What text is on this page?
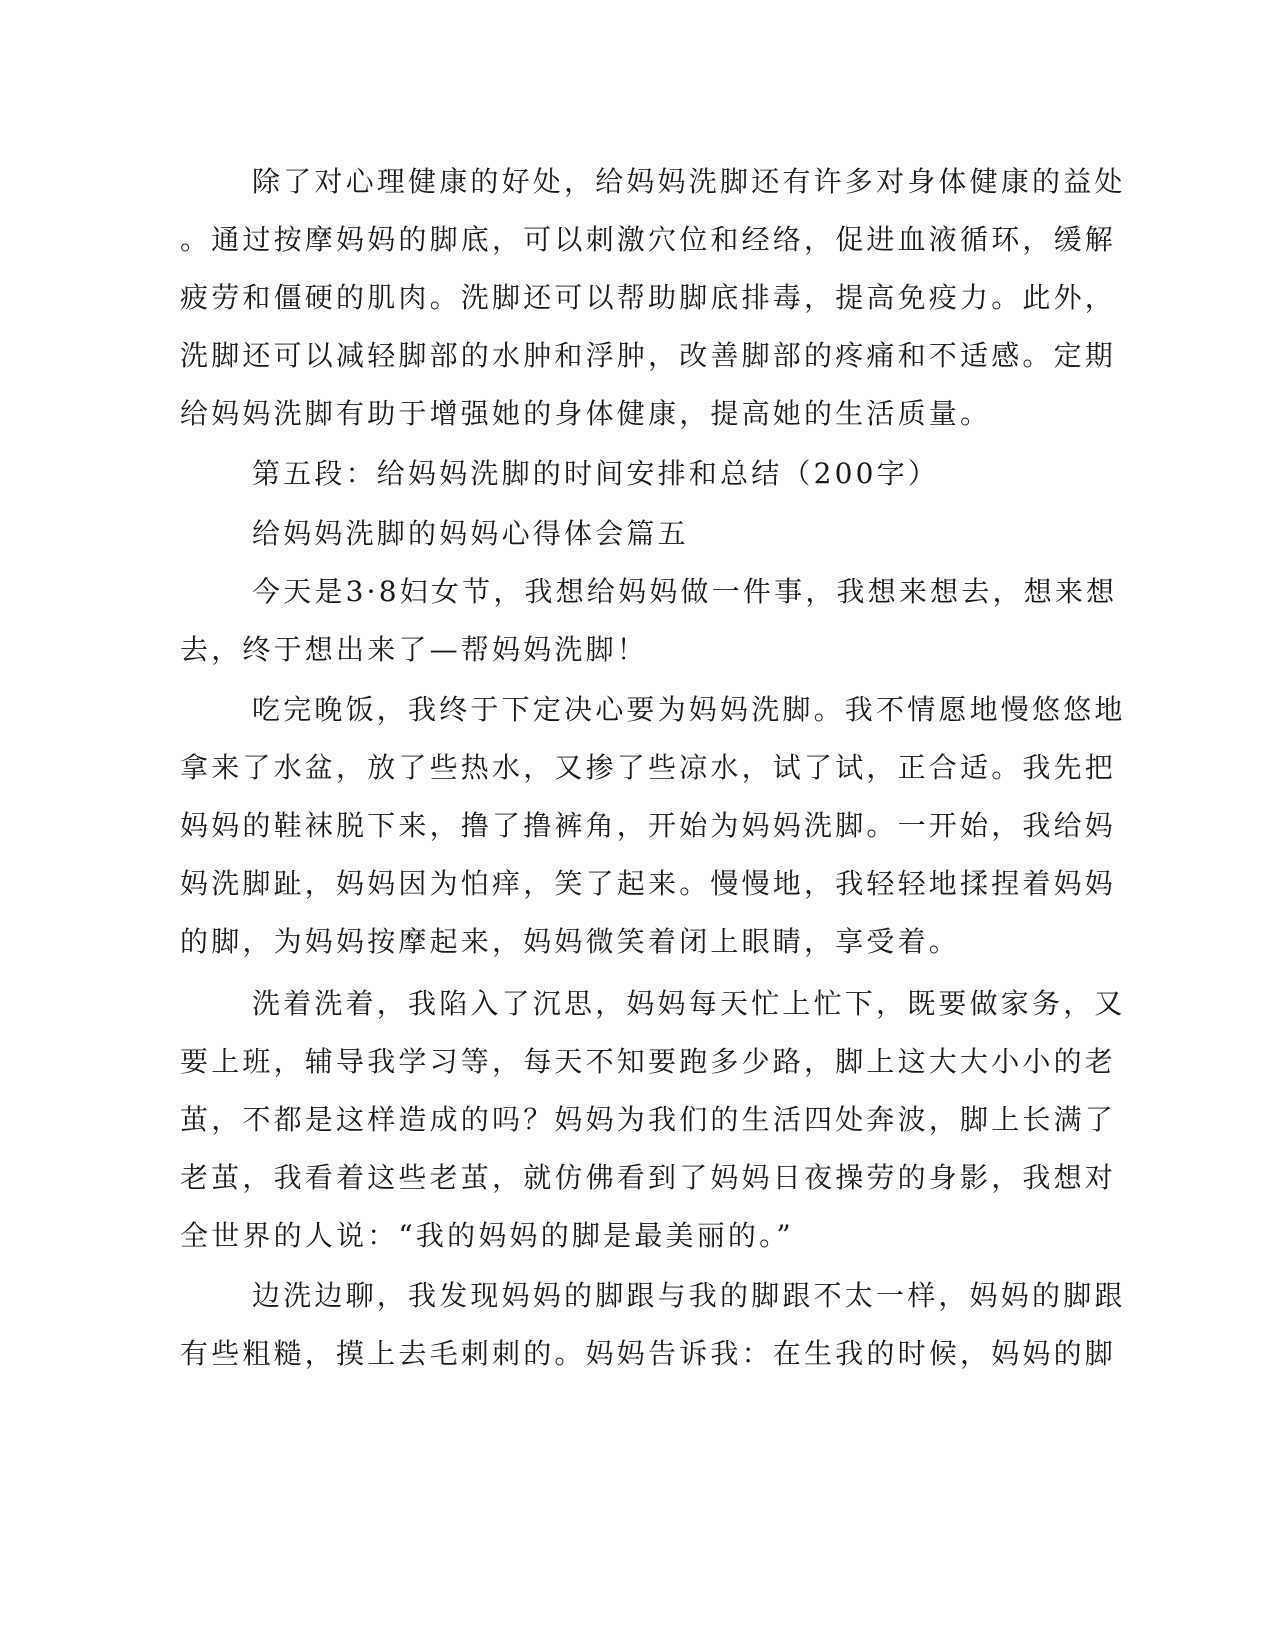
除了对心理健康的好处，给妈妈洗脚还有许多对身体健康的益处
。通过按摩妈妈的脚底，可以刺激穴位和经络，促进血液循环，缓解
疲劳和僵硬的肌肉。洗脚还可以帮助脚底排毒，提高免疫力。此外，
洗脚还可以减轻脚部的水肿和浮肿，改善脚部的疼痛和不适感。定期
给妈妈洗脚有助于增强她的身体健康，提高她的生活质量。
第五段：给妈妈洗脚的时间安排和总结（200字）
给妈妈洗脚的妈妈心得体会篇五
今天是3·8妇女节，我想给妈妈做一件事，我想来想去，想来想
去，终于想出来了—帮妈妈洗脚！
吃完晚饭，我终于下定决心要为妈妈洗脚。我不情愿地慢悠悠地
拿来了水盆，放了些热水，又掺了些凉水，试了试，正合适。我先把
妈妈的鞋袜脱下来，撸了撸裤角，开始为妈妈洗脚。一开始，我给妈
妈洗脚趾，妈妈因为怕痒，笑了起来。慢慢地，我轻轻地揉捏着妈妈
的脚，为妈妈按摩起来，妈妈微笑着闭上眼睛，享受着。
洗着洗着，我陷入了沉思，妈妈每天忙上忙下，既要做家务，又
要上班，辅导我学习等，每天不知要跑多少路，脚上这大大小小的老
茧，不都是这样造成的吗？妈妈为我们的生活四处奔波，脚上长满了
老茧，我看着这些老茧，就仿佛看到了妈妈日夜操劳的身影，我想对
全世界的人说：“我的妈妈的脚是最美丽的。”
边洗边聊，我发现妈妈的脚跟与我的脚跟不太一样，妈妈的脚跟
有些粗糙，摸上去毛刺刺的。妈妈告诉我：在生我的时候，妈妈的脚
